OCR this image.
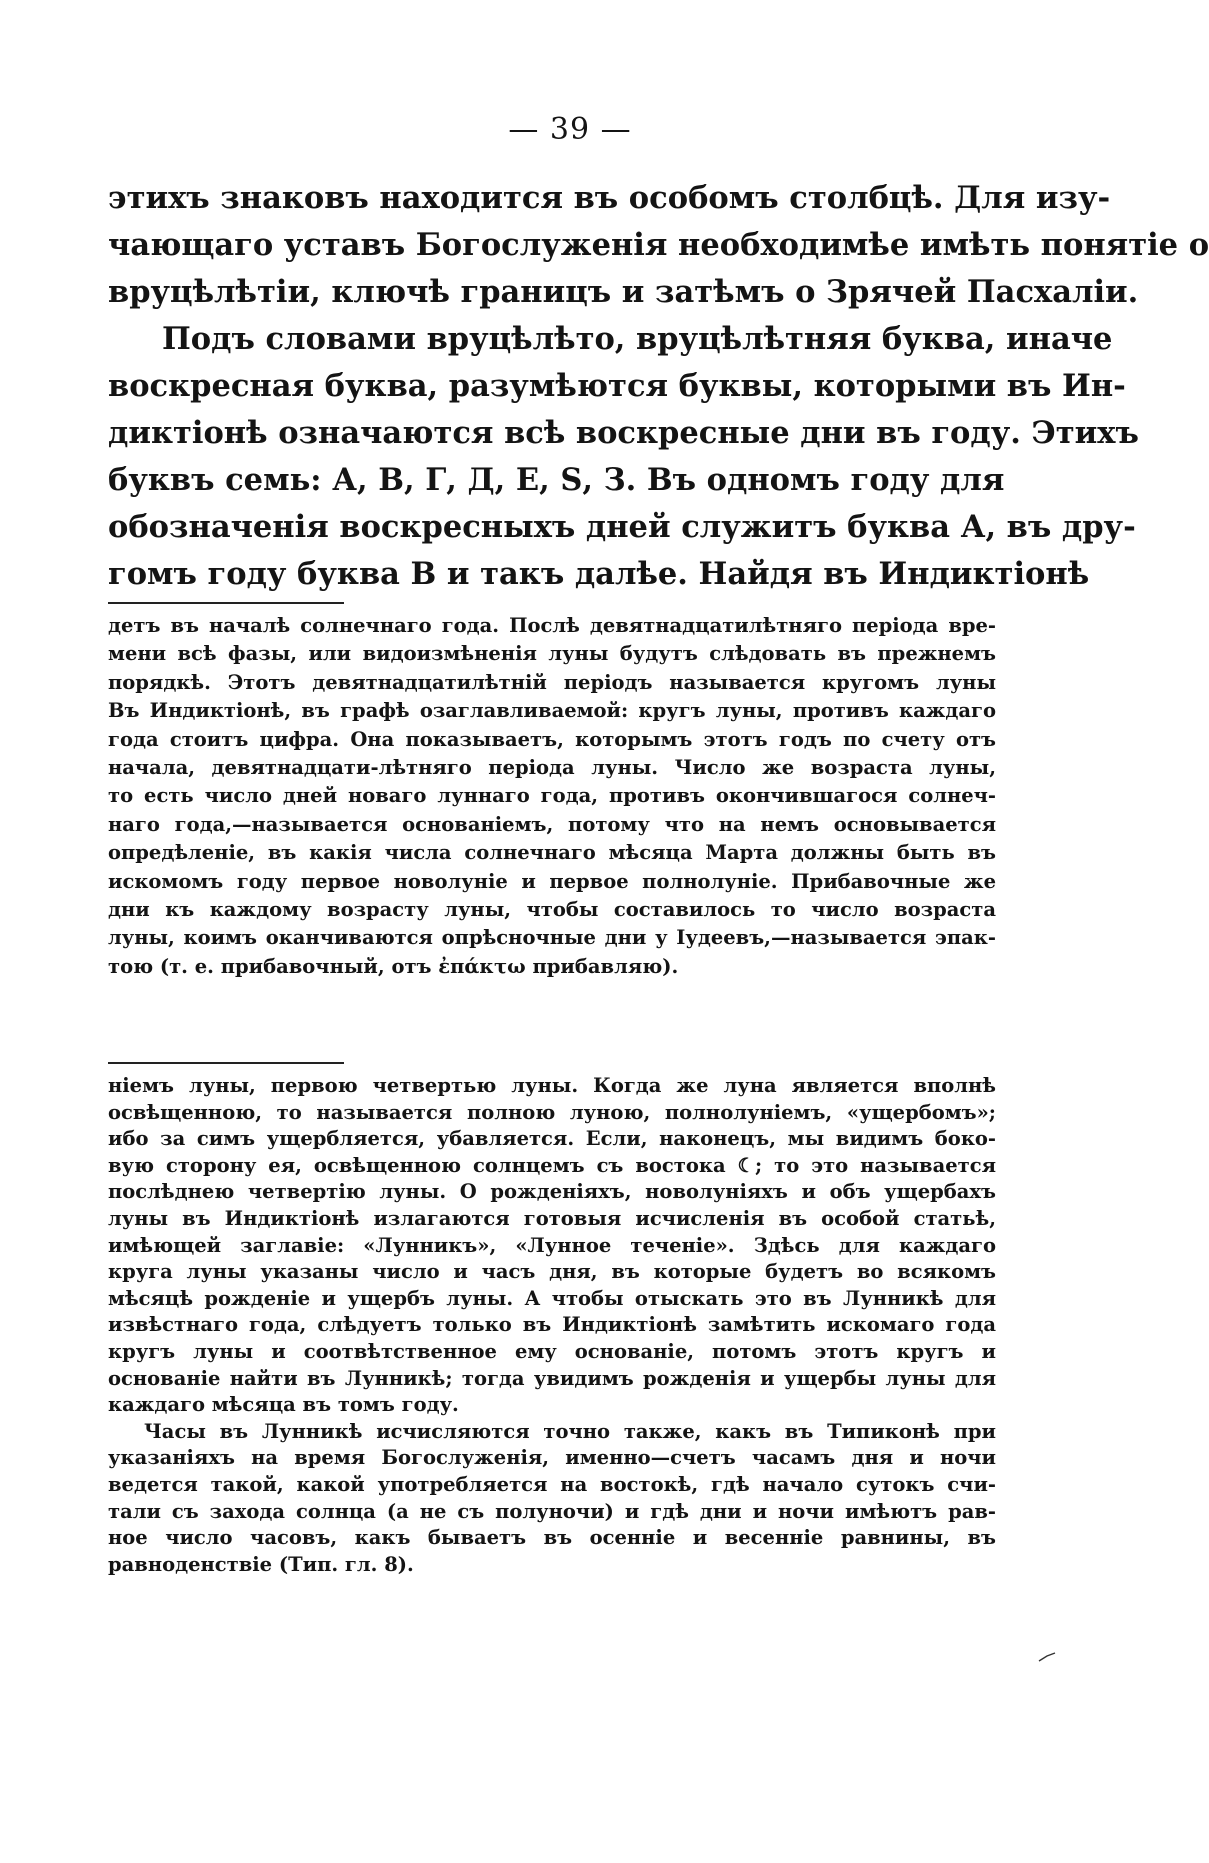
— 39 —
этихъ знаковъ находится въ особомъ столбцѣ. Для изу-
чающаго уставъ Богослуженія необходимѣе имѣть понятіе о
вруцѣлѣтіи, ключѣ границъ и затѣмъ о Зрячей Пасхаліи.
Подъ словами вруцѣлѣто, вруцѣлѣтняя буква, иначе
воскресная буква, разумѣются буквы, которыми въ Ин-
диктіонѣ означаются всѣ воскресные дни въ году. Этихъ
буквъ семь: А, В, Г, Д, Е, Ѕ, З. Въ одномъ году для
обозначенія воскресныхъ дней служитъ буква А, въ дру-
гомъ году буква В и такъ далѣе. Найдя въ Индиктіонѣ
детъ въ началѣ солнечнаго года. Послѣ девятнадцатилѣтняго періода вре-
мени всѣ фазы, или видоизмѣненія луны будутъ слѣдовать въ прежнемъ
порядкѣ. Этотъ девятнадцатилѣтній періодъ называется кругомъ луны
Въ Индиктіонѣ, въ графѣ озаглавливаемой: кругъ луны, противъ каждаго
года стоитъ цифра. Она показываетъ, которымъ этотъ годъ по счету отъ
начала, девятнадцати-лѣтняго періода луны. Число же возраста луны,
то есть число дней новаго луннаго года, противъ окончившагося солнеч-
наго года,—называется основаніемъ, потому что на немъ основывается
опредѣленіе, въ какія числа солнечнаго мѣсяца Марта должны быть въ
искомомъ году первое новолуніе и первое полнолуніе. Прибавочные же
дни къ каждому возрасту луны, чтобы составилось то число возраста
луны, коимъ оканчиваются опрѣсночные дни у Іудеевъ,—называется эпак-
тою (т. е. прибавочный, отъ ἐπάκτω прибавляю).
ніемъ луны, первою четвертью луны. Когда же луна является вполнѣ
освѣщенною, то называется полною луною, полнолуніемъ, «ущербомъ»;
ибо за симъ ущербляется, убавляется. Если, наконецъ, мы видимъ боко-
вую сторону ея, освѣщенною солнцемъ съ востока ☾; то это называется
послѣднею четвертію луны. О рожденіяхъ, новолуніяхъ и объ ущербахъ
луны въ Индиктіонѣ излагаются готовыя исчисленія въ особой статьѣ,
имѣющей заглавіе: «Лунникъ», «Лунное теченіе». Здѣсь для каждаго
круга луны указаны число и часъ дня, въ которые будетъ во всякомъ
мѣсяцѣ рожденіе и ущербъ луны. А чтобы отыскать это въ Лунникѣ для
извѣстнаго года, слѣдуетъ только въ Индиктіонѣ замѣтить искомаго года
кругъ луны и соотвѣтственное ему основаніе, потомъ этотъ кругъ и
основаніе найти въ Лунникѣ; тогда увидимъ рожденія и ущербы луны для
каждаго мѣсяца въ томъ году.
Часы въ Лунникѣ исчисляются точно также, какъ въ Типиконѣ при
указаніяхъ на время Богослуженія, именно—счетъ часамъ дня и ночи
ведется такой, какой употребляется на востокѣ, гдѣ начало сутокъ счи-
тали съ захода солнца (а не съ полуночи) и гдѣ дни и ночи имѣютъ рав-
ное число часовъ, какъ бываетъ въ осенніе и весенніе равнины, въ
равноденствіе (Тип. гл. 8).
